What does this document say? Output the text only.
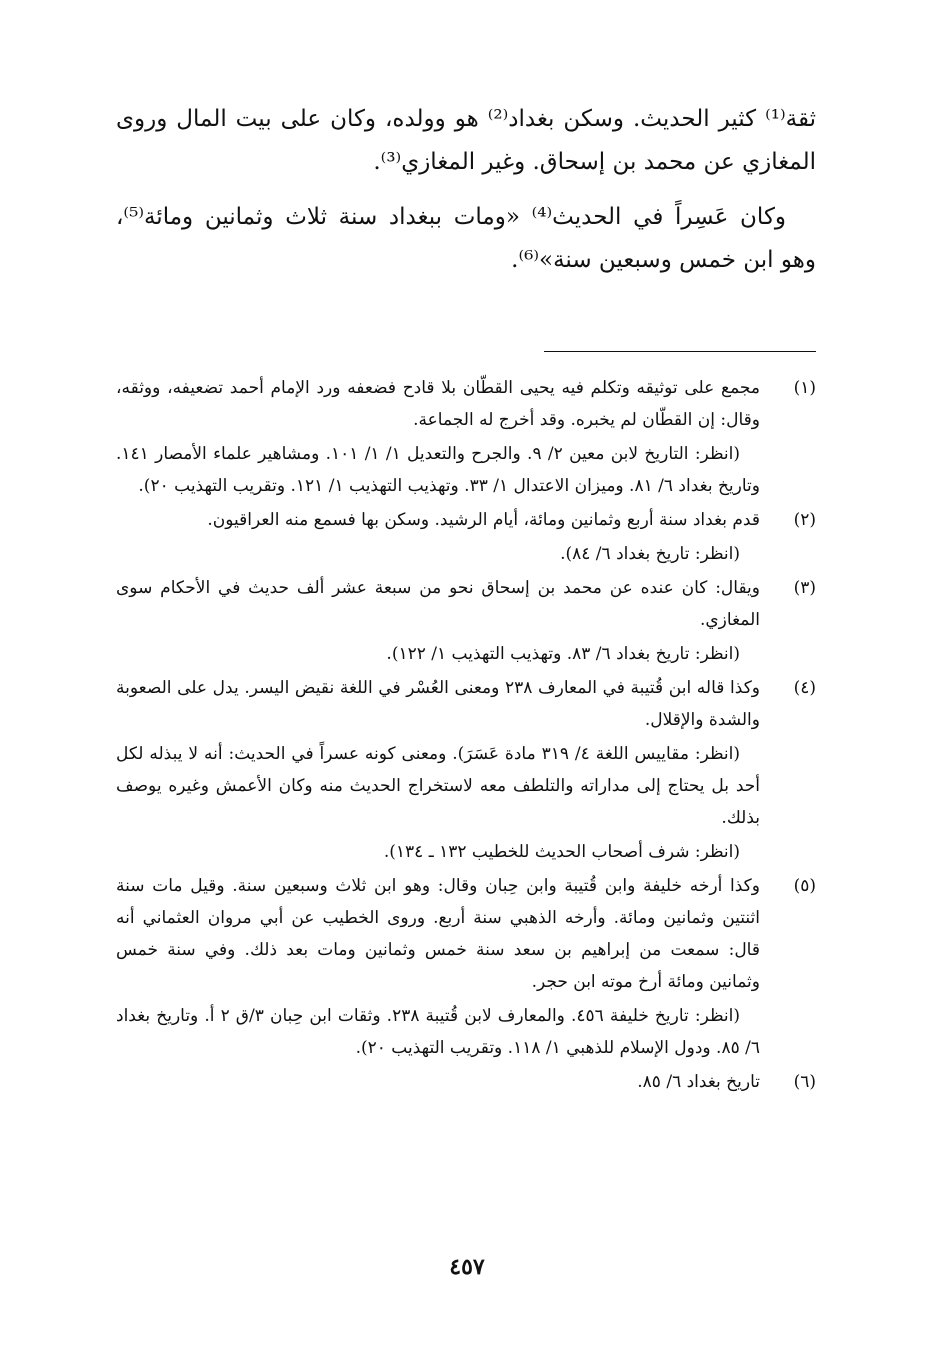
ثقة⁽¹⁾ كثير الحديث. وسكن بغداد⁽²⁾ هو وولده، وكان على بيت المال وروى المغازي عن محمد بن إسحاق. وغير المغازي⁽³⁾.

وكان عَسِراً في الحديث⁽⁴⁾ «ومات ببغداد سنة ثلاث وثمانين ومائة⁽⁵⁾، وهو ابن خمس وسبعين سنة»⁽⁶⁾.

(١)

مجمع على توثيقه وتكلم فيه يحيى القطّان بلا قادح فضعفه ورد الإمام أحمد تضعيفه، ووثقه، وقال: إن القطّان لم يخبره. وقد أخرج له الجماعة.

(انظر: التاريخ لابن معين ٢/ ٩. والجرح والتعديل ١/ ١/ ١٠١. ومشاهير علماء الأمصار ١٤١. وتاريخ بغداد ٦/ ٨١. وميزان الاعتدال ١/ ٣٣. وتهذيب التهذيب ١/ ١٢١. وتقريب التهذيب ٢٠).

(٢)

قدم بغداد سنة أربع وثمانين ومائة، أيام الرشيد. وسكن بها فسمع منه العراقيون.

(انظر: تاريخ بغداد ٦/ ٨٤).

(٣)

ويقال: كان عنده عن محمد بن إسحاق نحو من سبعة عشر ألف حديث في الأحكام سوى المغازي.

(انظر: تاريخ بغداد ٦/ ٨٣. وتهذيب التهذيب ١/ ١٢٢).

(٤)

وكذا قاله ابن قُتيبة في المعارف ٢٣٨ ومعنى العُسْر في اللغة نقيض اليسر. يدل على الصعوبة والشدة والإقلال.

(انظر: مقاييس اللغة ٤/ ٣١٩ مادة عَسَرَ). ومعنى كونه عسراً في الحديث: أنه لا يبذله لكل أحد بل يحتاج إلى مداراته والتلطف معه لاستخراج الحديث منه وكان الأعمش وغيره يوصف بذلك.

(انظر: شرف أصحاب الحديث للخطيب ١٣٢ ـ ١٣٤).

(٥)

وكذا أرخه خليفة وابن قُتيبة وابن حِبان وقال: وهو ابن ثلاث وسبعين سنة. وقيل مات سنة اثنتين وثمانين ومائة. وأرخه الذهبي سنة أربع. وروى الخطيب عن أبي مروان العثماني أنه قال: سمعت من إبراهيم بن سعد سنة خمس وثمانين ومات بعد ذلك. وفي سنة خمس وثمانين ومائة أرخ موته ابن حجر.

(انظر: تاريخ خليفة ٤٥٦. والمعارف لابن قُتيبة ٢٣٨. وثقات ابن حِبان ٣/ق ٢ أ. وتاريخ بغداد ٦/ ٨٥. ودول الإسلام للذهبي ١/ ١١٨. وتقريب التهذيب ٢٠).

(٦)

تاريخ بغداد ٦/ ٨٥.

٤٥٧
